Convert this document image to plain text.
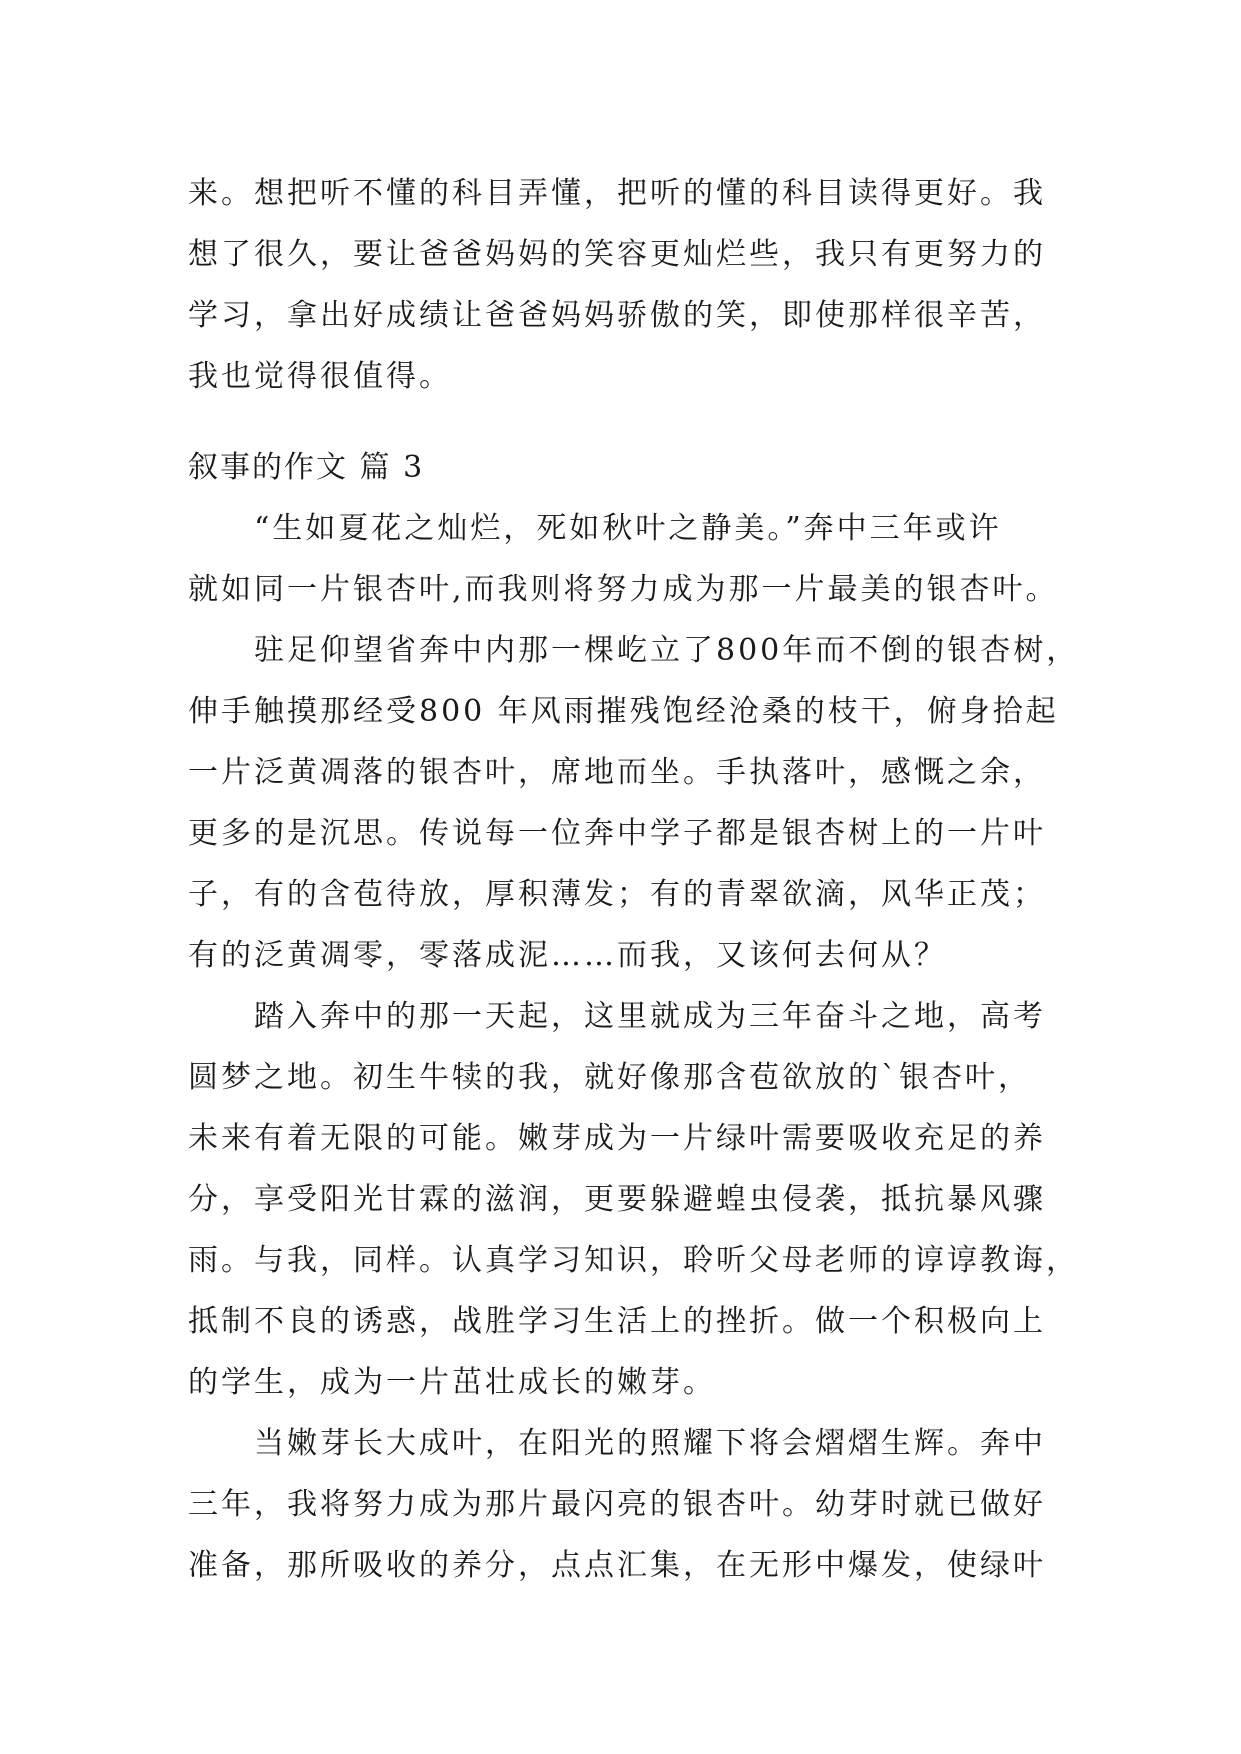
来。想把听不懂的科目弄懂，把听的懂的科目读得更好。我

想了很久，要让爸爸妈妈的笑容更灿烂些，我只有更努力的

学习，拿出好成绩让爸爸妈妈骄傲的笑，即使那样很辛苦，

我也觉得很值得。

叙事的作文 篇 3

“生如夏花之灿烂，死如秋叶之静美。”奔中三年或许

就如同一片银杏叶,而我则将努力成为那一片最美的银杏叶。

驻足仰望省奔中内那一棵屹立了800年而不倒的银杏树，

伸手触摸那经受800 年风雨摧残饱经沧桑的枝干，俯身拾起

一片泛黄凋落的银杏叶，席地而坐。手执落叶，感慨之余，

更多的是沉思。传说每一位奔中学子都是银杏树上的一片叶

子，有的含苞待放，厚积薄发；有的青翠欲滴，风华正茂；

有的泛黄凋零，零落成泥……而我，又该何去何从？

踏入奔中的那一天起，这里就成为三年奋斗之地，高考

圆梦之地。初生牛犊的我，就好像那含苞欲放的`银杏叶，

未来有着无限的可能。嫩芽成为一片绿叶需要吸收充足的养

分，享受阳光甘霖的滋润，更要躲避蝗虫侵袭，抵抗暴风骤

雨。与我，同样。认真学习知识，聆听父母老师的谆谆教诲，

抵制不良的诱惑，战胜学习生活上的挫折。做一个积极向上

的学生，成为一片茁壮成长的嫩芽。

当嫩芽长大成叶，在阳光的照耀下将会熠熠生辉。奔中

三年，我将努力成为那片最闪亮的银杏叶。幼芽时就已做好

准备，那所吸收的养分，点点汇集，在无形中爆发，使绿叶
